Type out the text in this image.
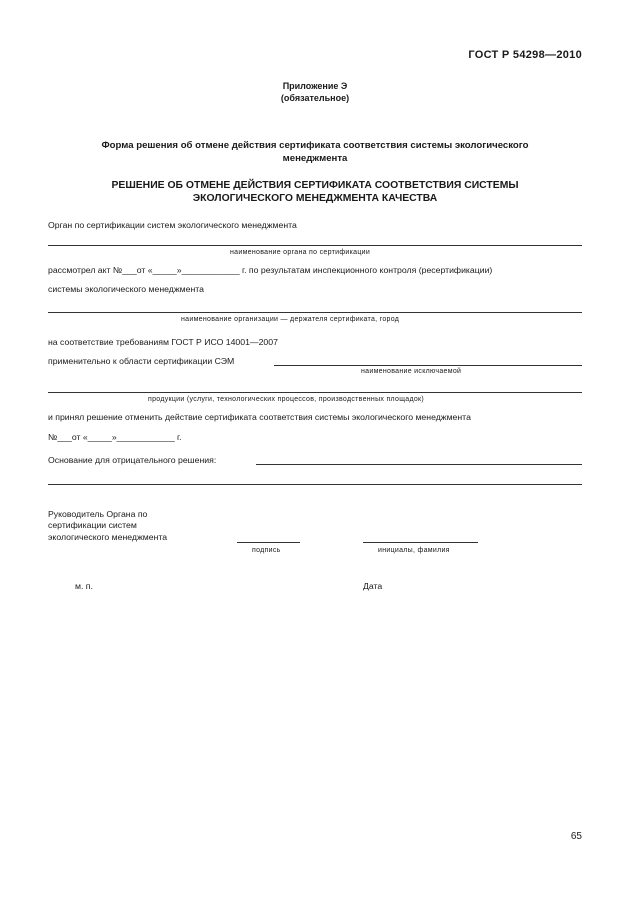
ГОСТ Р 54298—2010
Приложение Э
(обязательное)
Форма решения об отмене действия сертификата соответствия системы экологического
менеджмента
РЕШЕНИЕ ОБ ОТМЕНЕ ДЕЙСТВИЯ СЕРТИФИКАТА СООТВЕТСТВИЯ СИСТЕМЫ
ЭКОЛОГИЧЕСКОГО МЕНЕДЖМЕНТА КАЧЕСТВА
Орган по сертификации систем экологического менеджмента
наименование органа по сертификации
рассмотрел акт №___от «_____»____________ г. по результатам инспекционного контроля (ресертификации)
системы экологического менеджмента
наименование организации — держателя сертификата, город
на соответствие требованиям ГОСТ Р ИСО 14001—2007
применительно к области сертификации СЭМ
наименование исключаемой
продукции (услуги, технологических процессов, производственных площадок)
и принял решение отменить действие сертификата соответствия системы экологического менеджмента
№___от «_____»____________ г.
Основание для отрицательного решения:
Руководитель Органа по
сертификации систем
экологического менеджмента
подпись	инициалы, фамилия
м. п.	Дата
65
